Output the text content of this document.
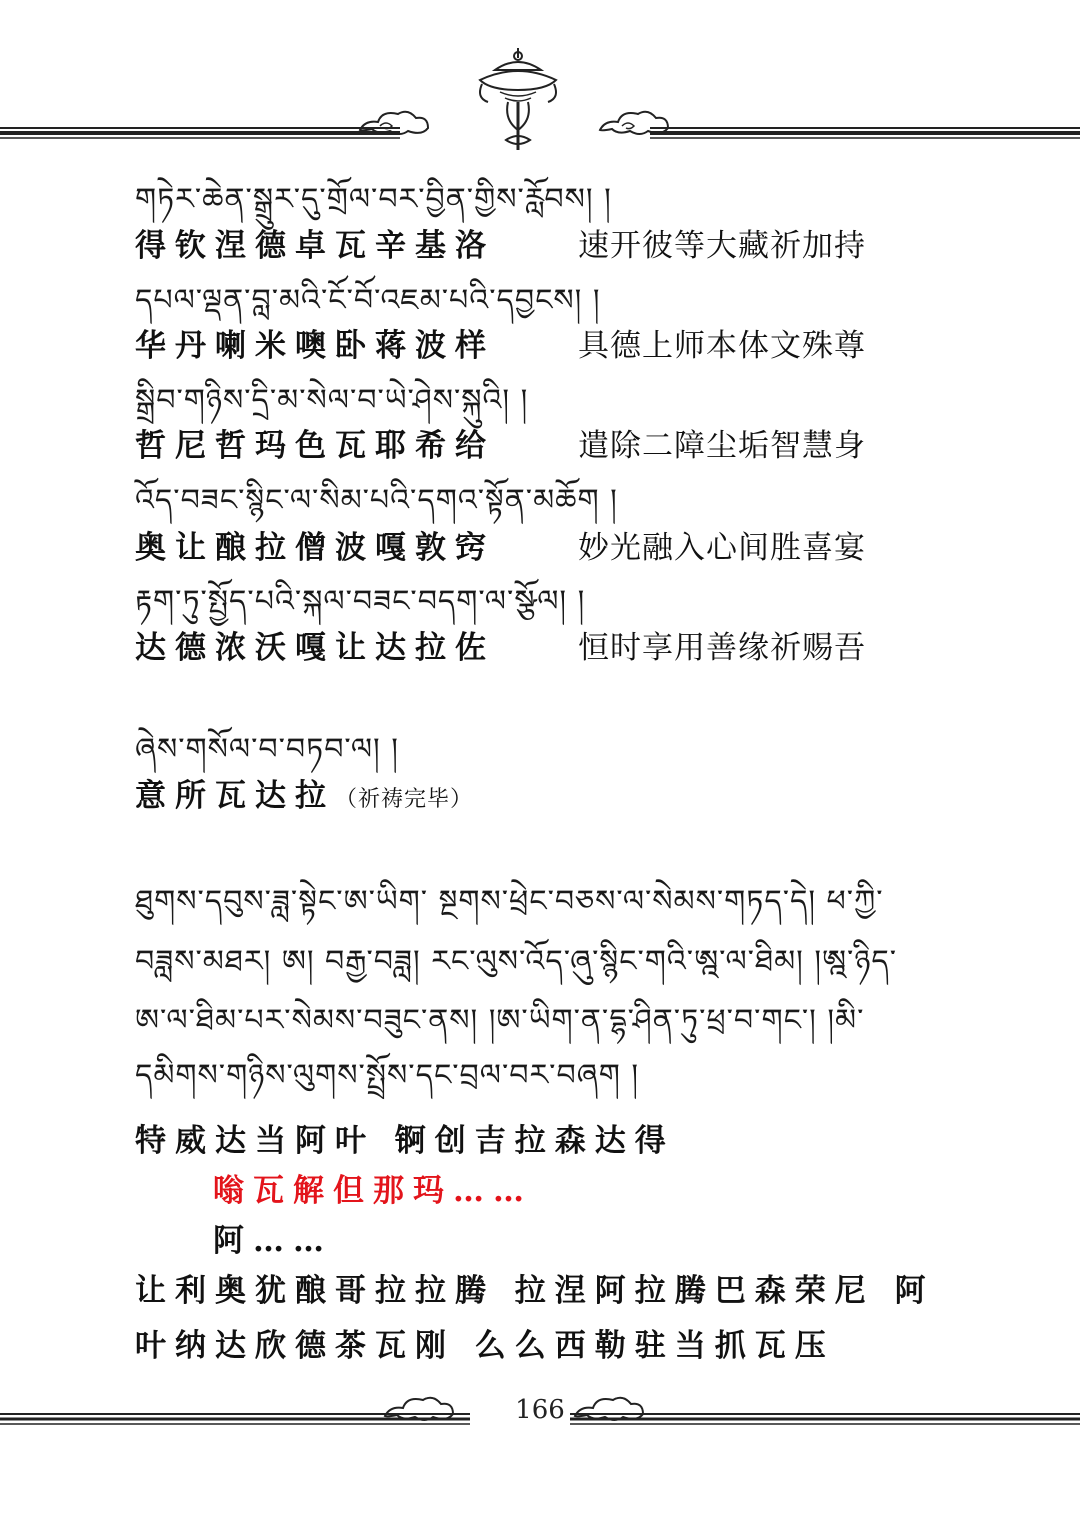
གཏེར་ཆེན་སྒྲུར་དུ་གྲོལ་བར་བྱིན་གྱིས་རློབས། །
得钦涅德卓瓦辛基洛	速开彼等大藏祈加持
དཔལ་ལྡན་བླ་མའི་ངོ་བོ་འཇམ་པའི་དབྱངས། །
华丹喇米噢卧蒋波样	具德上师本体文殊尊
སྒྲིབ་གཉིས་དྲི་མ་སེལ་བ་ཡེ་ཤེས་སྐུའི། །
哲尼哲玛色瓦耶希给	遣除二障尘垢智慧身
འོད་བཟང་སྙིང་ལ་སིམ་པའི་དགའ་སྟོན་མཆོག །
奥让酿拉僧波嘎敦窍	妙光融入心间胜喜宴
རྟག་ཏུ་སྤྱོད་པའི་སྐལ་བཟང་བདག་ལ་སྩོལ། །
达德浓沃嘎让达拉佐	恒时享用善缘祈赐吾
ཞེས་གསོལ་བ་བཏབ་ལ། །
意所瓦达拉（祈祷完毕）
ཐུགས་དབུས་ཟླ་སྟེང་ཨ་ཡིག་ སྔགས་ཕྲེང་བཅས་ལ་སེམས་གཏད་དེ། ཕ་ཀྱི་
བཟླས་མཐར། ཨ། བརྒྱ་བཟླ། རང་ལུས་འོད་ཞུ་སྙིང་གའི་ཨྰ་ལ་ཐིམ། །ཨྰ་ཉིད་
ཨ་ལ་ཐིམ་པར་སེམས་བཟུང་ནས། །ཨ་ཡིག་ན་དྷ་ཤིན་ཏུ་ཕྲ་བ་གང་། །མི་
དམིགས་གཉིས་ལུགས་སྤྲོས་དང་བྲལ་བར་བཞག །
特威达当阿叶 锕创吉拉森达得
嗡瓦解但那玛……
阿……
让利奥犹酿哥拉拉腾 拉涅阿拉腾巴森荣尼 阿
叶纳达欣德茶瓦刚 么么西勒驻当抓瓦压
166
